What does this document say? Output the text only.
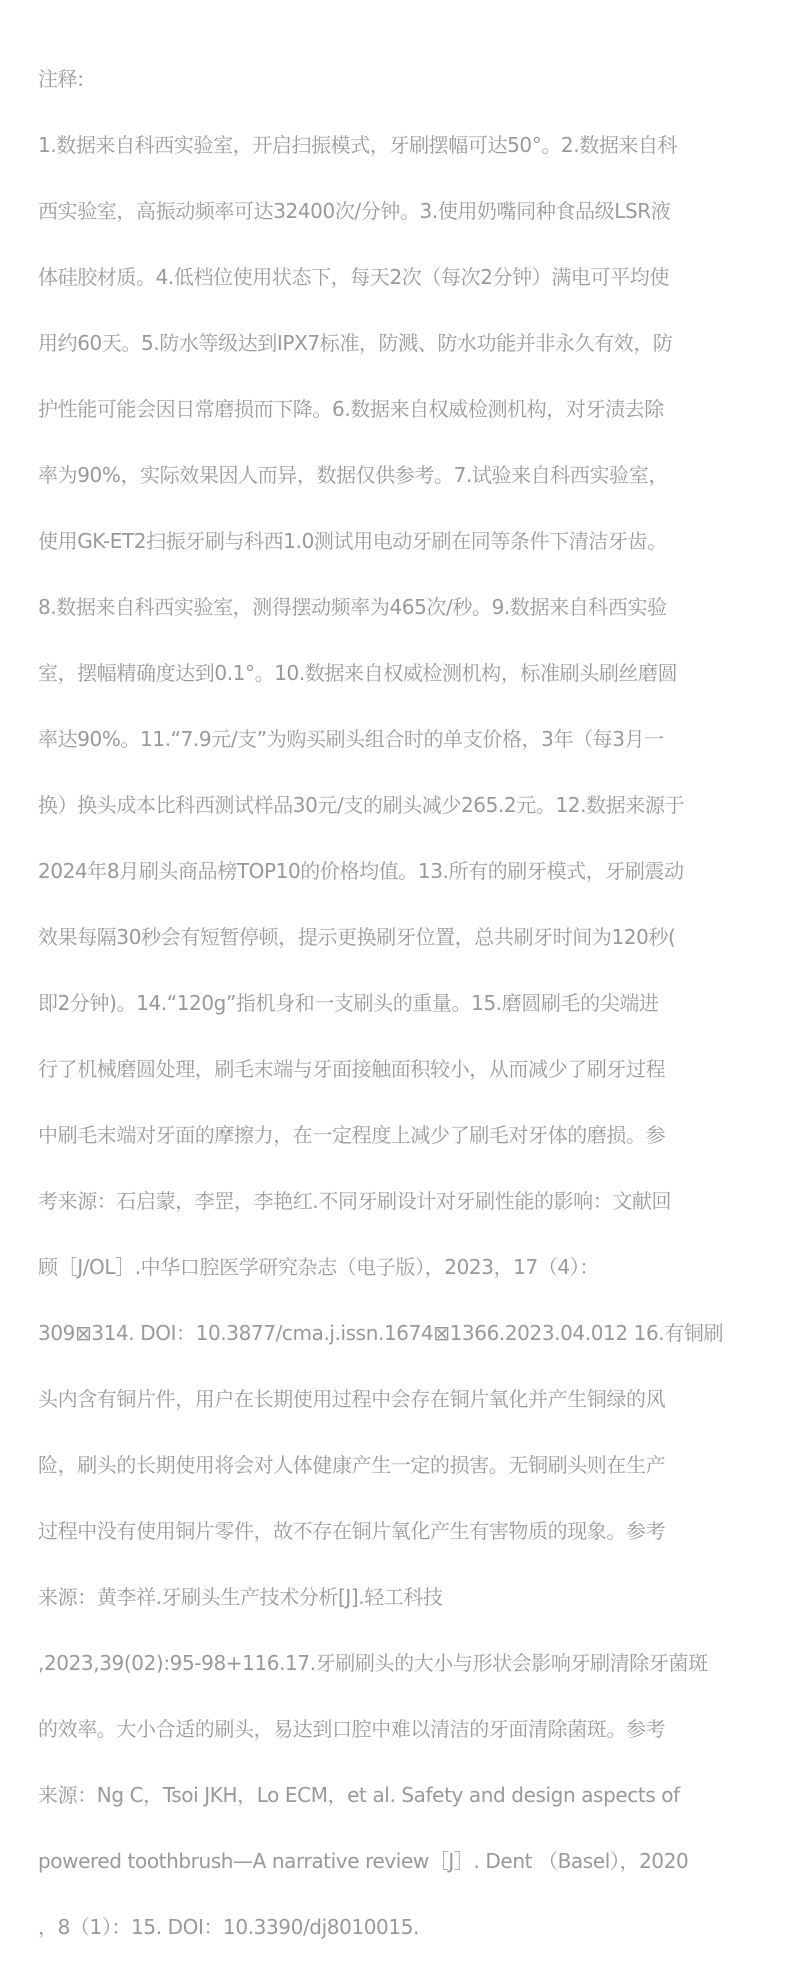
注释:

1.数据来自科西实验室，开启扫振模式，牙刷摆幅可达50°。2.数据来自科

西实验室，高振动频率可达32400次/分钟。3.使用奶嘴同种食品级LSR液

体硅胶材质。4.低档位使用状态下，每天2次（每次2分钟）满电可平均使

用约60天。5.防水等级达到IPX7标准，防溅、防水功能并非永久有效，防

护性能可能会因日常磨损而下降。6.数据来自权威检测机构，对牙渍去除

率为90%，实际效果因人而异，数据仅供参考。7.试验来自科西实验室，

使用GK-ET2扫振牙刷与科西1.0测试用电动牙刷在同等条件下清洁牙齿。

8.数据来自科西实验室，测得摆动频率为465次/秒。9.数据来自科西实验

室，摆幅精确度达到0.1°。10.数据来自权威检测机构，标准刷头刷丝磨圆

率达90%。11.“7.9元/支”为购买刷头组合时的单支价格，3年（每3月一

换）换头成本比科西测试样品30元/支的刷头减少265.2元。12.数据来源于

2024年8月刷头商品榜TOP10的价格均值。13.所有的刷牙模式，牙刷震动

效果每隔30秒会有短暂停顿，提示更换刷牙位置，总共刷牙时间为120秒(

即2分钟)。14.“120g”指机身和一支刷头的重量。15.磨圆刷毛的尖端进

行了机械磨圆处理，刷毛末端与牙面接触面积较小，从而减少了刷牙过程

中刷毛末端对牙面的摩擦力，在一定程度上减少了刷毛对牙体的磨损。参

考来源：石启蒙，李罡，李艳红.不同牙刷设计对牙刷性能的影响：文献回

顾［J/OL］.中华口腔医学研究杂志（电子版），2023，17（4）：

309⊠314. DOI：10.3877/cma.j.issn.1674⊠1366.2023.04.012 16.有铜刷

头内含有铜片件，用户在长期使用过程中会存在铜片氧化并产生铜绿的风

险，刷头的长期使用将会对人体健康产生一定的损害。无铜刷头则在生产

过程中没有使用铜片零件，故不存在铜片氧化产生有害物质的现象。参考

来源：黄李祥.牙刷头生产技术分析[J].轻工科技

,2023,39(02):95-98+116.17.牙刷刷头的大小与形状会影响牙刷清除牙菌斑

的效率。大小合适的刷头，易达到口腔中难以清洁的牙面清除菌斑。参考

来源：Ng C，Tsoi JKH，Lo ECM，et al. Safety and design aspects of

powered toothbrush—A narrative review［J］. Dent （Basel），2020

，8（1）：15. DOI：10.3390/dj8010015.
